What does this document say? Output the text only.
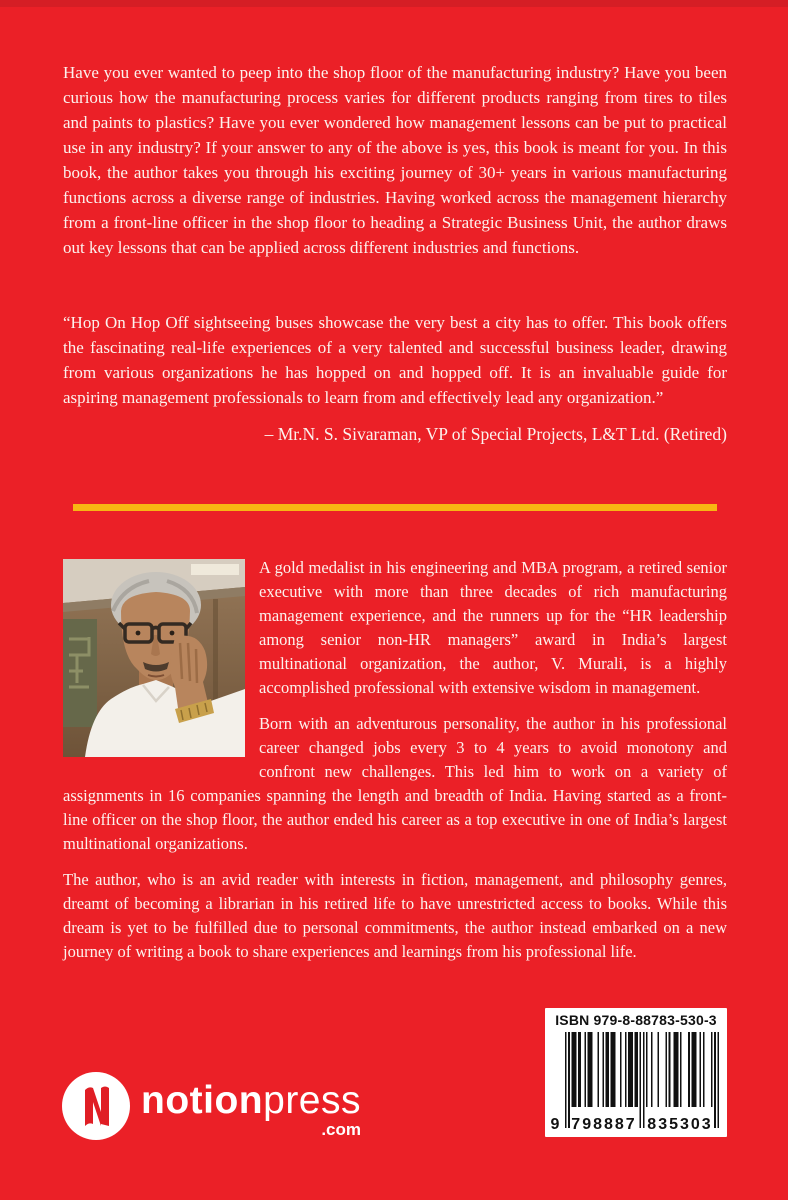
Have you ever wanted to peep into the shop floor of the manufacturing industry? Have you been curious how the manufacturing process varies for different products ranging from tires to tiles and paints to plastics? Have you ever wondered how management lessons can be put to practical use in any industry? If your answer to any of the above is yes, this book is meant for you. In this book, the author takes you through his exciting journey of 30+ years in various manufacturing functions across a diverse range of industries. Having worked across the management hierarchy from a front-line officer in the shop floor to heading a Strategic Business Unit, the author draws out key lessons that can be applied across different industries and functions.

“Hop On Hop Off sightseeing buses showcase the very best a city has to offer. This book offers the fascinating real-life experiences of a very talented and successful business leader, drawing from various organizations he has hopped on and hopped off. It is an invaluable guide for aspiring management professionals to learn from and effectively lead any organization.”

– Mr.N. S. Sivaraman, VP of Special Projects, L&T Ltd. (Retired)

A gold medalist in his engineering and MBA program, a retired senior executive with more than three decades of rich manufacturing management experience, and the runners up for the “HR leadership among senior non-HR managers” award in India’s largest multinational organization, the author, V. Murali, is a highly accomplished professional with extensive wisdom in management.

Born with an adventurous personality, the author in his professional career changed jobs every 3 to 4 years to avoid monotony and confront new challenges. This led him to work on a variety of assignments in 16 companies spanning the length and breadth of India. Having started as a front-line officer on the shop floor, the author ended his career as a top executive in one of India’s largest multinational organizations.

The author, who is an avid reader with interests in fiction, management, and philosophy genres, dreamt of becoming a librarian in his retired life to have unrestricted access to books. While this dream is yet to be fulfilled due to personal commitments, the author instead embarked on a new journey of writing a book to share experiences and learnings from his professional life.

notionpress
.com
ISBN 979-8-88783-530-3
9 798887 835303
